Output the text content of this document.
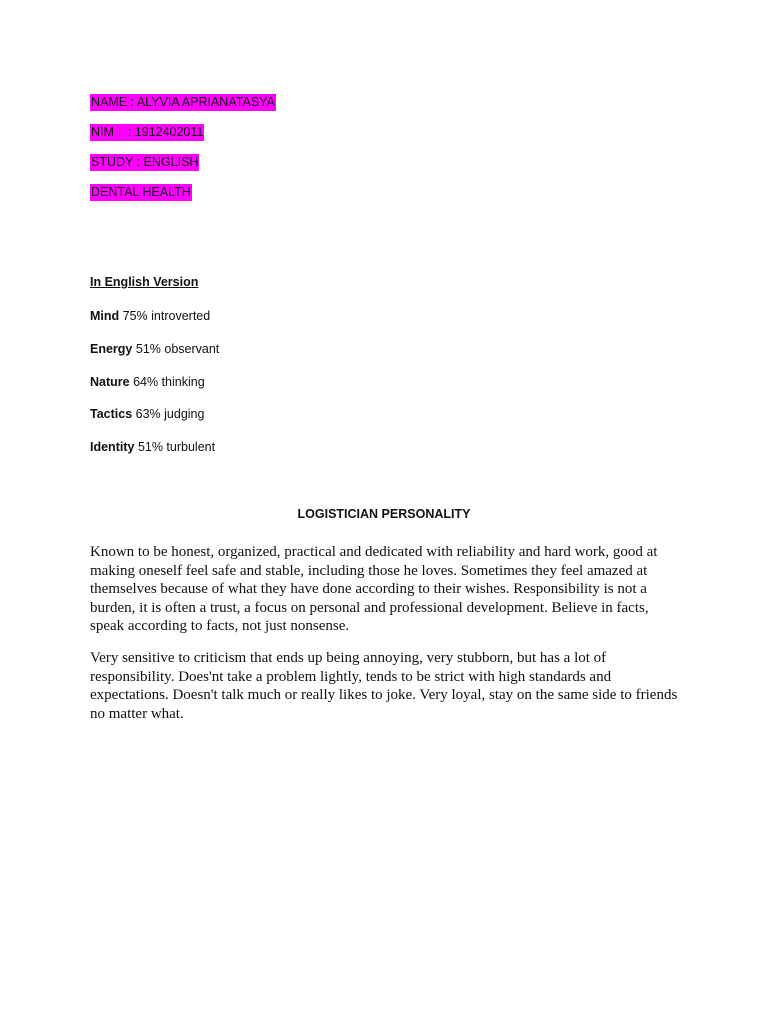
NAME : ALYVIA APRIANATASYA
NIM    : 1912402011
STUDY : ENGLISH
DENTAL HEALTH
In English Version
Mind 75% introverted
Energy 51% observant
Nature 64% thinking
Tactics 63% judging
Identity 51% turbulent
LOGISTICIAN PERSONALITY

Known to be honest, organized, practical and dedicated with reliability and hard work, good at making oneself feel safe and stable, including those he loves. Sometimes they feel amazed at themselves because of what they have done according to their wishes. Responsibility is not a burden, it is often a trust, a focus on personal and professional development. Believe in facts, speak according to facts, not just nonsense.

Very sensitive to criticism that ends up being annoying, very stubborn, but has a lot of responsibility. Does'nt take a problem lightly, tends to be strict with high standards and expectations. Doesn't talk much or really likes to joke. Very loyal, stay on the same side to friends no matter what.
